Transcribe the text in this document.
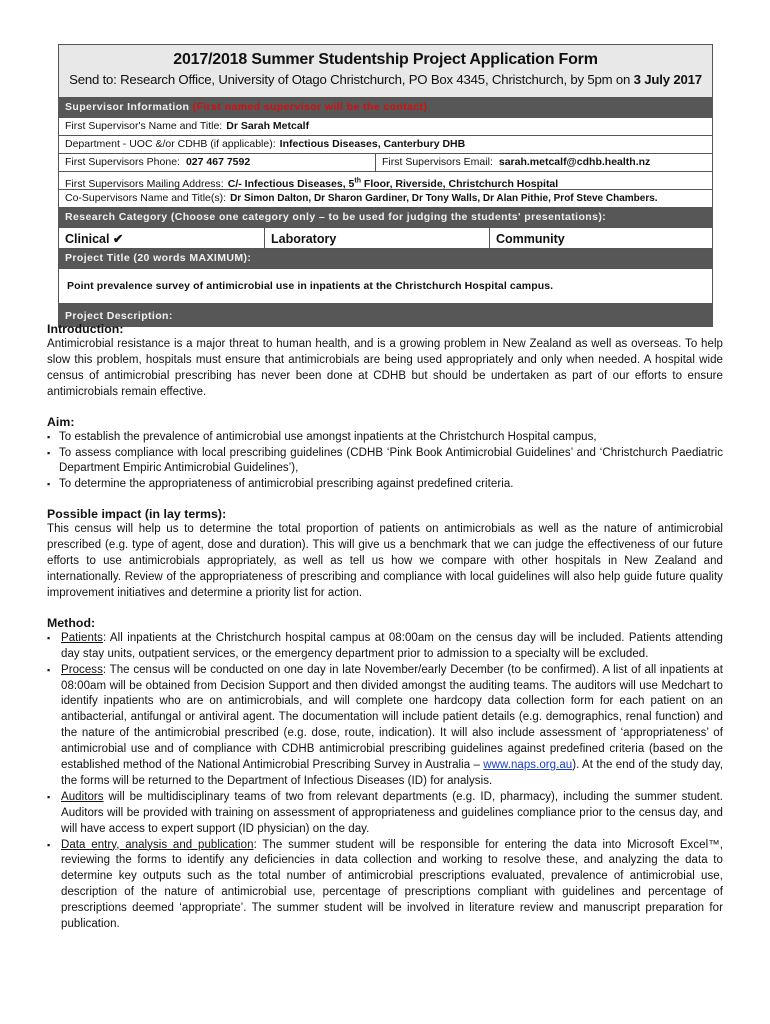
2017/2018 Summer Studentship Project Application Form
Send to: Research Office, University of Otago Christchurch, PO Box 4345, Christchurch, by 5pm on 3 July 2017
Supervisor Information (First named supervisor will be the contact)
First Supervisor's Name and Title: Dr Sarah Metcalf
Department - UOC &/or CDHB (if applicable): Infectious Diseases, Canterbury DHB
First Supervisors Phone: 027 467 7592	First Supervisors Email: sarah.metcalf@cdhb.health.nz
First Supervisors Mailing Address: C/- Infectious Diseases, 5th Floor, Riverside, Christchurch Hospital
Co-Supervisors Name and Title(s): Dr Simon Dalton, Dr Sharon Gardiner, Dr Tony Walls, Dr Alan Pithie, Prof Steve Chambers.
Research Category (Choose one category only – to be used for judging the students' presentations):
Clinical ✔	Laboratory	Community
Project Title (20 words MAXIMUM):
Point prevalence survey of antimicrobial use in inpatients at the Christchurch Hospital campus.
Project Description:
Introduction:

Antimicrobial resistance is a major threat to human health, and is a growing problem in New Zealand as well as overseas. To help slow this problem, hospitals must ensure that antimicrobials are being used appropriately and only when needed. A hospital wide census of antimicrobial prescribing has never been done at CDHB but should be undertaken as part of our efforts to ensure antimicrobials remain effective.

Aim:
▪ To establish the prevalence of antimicrobial use amongst inpatients at the Christchurch Hospital campus,
▪ To assess compliance with local prescribing guidelines (CDHB ‘Pink Book Antimicrobial Guidelines’ and ‘Christchurch Paediatric Department Empiric Antimicrobial Guidelines’),
▪ To determine the appropriateness of antimicrobial prescribing against predefined criteria.
Possible impact (in lay terms):

This census will help us to determine the total proportion of patients on antimicrobials as well as the nature of antimicrobial prescribed (e.g. type of agent, dose and duration). This will give us a benchmark that we can judge the effectiveness of our future efforts to use antimicrobials appropriately, as well as tell us how we compare with other hospitals in New Zealand and internationally. Review of the appropriateness of prescribing and compliance with local guidelines will also help guide future quality improvement initiatives and determine a priority list for action.

Method:
▪ Patients: All inpatients at the Christchurch hospital campus at 08:00am on the census day will be included. Patients attending day stay units, outpatient services, or the emergency department prior to admission to a specialty will be excluded.
▪ Process: The census will be conducted on one day in late November/early December (to be confirmed). A list of all inpatients at 08:00am will be obtained from Decision Support and then divided amongst the auditing teams. The auditors will use Medchart to identify inpatients who are on antimicrobials, and will complete one hardcopy data collection form for each patient on an antibacterial, antifungal or antiviral agent. The documentation will include patient details (e.g. demographics, renal function) and the nature of the antimicrobial prescribed (e.g. dose, route, indication). It will also include assessment of ‘appropriateness’ of antimicrobial use and of compliance with CDHB antimicrobial prescribing guidelines against predefined criteria (based on the established method of the National Antimicrobial Prescribing Survey in Australia – www.naps.org.au). At the end of the study day, the forms will be returned to the Department of Infectious Diseases (ID) for analysis.
▪ Auditors will be multidisciplinary teams of two from relevant departments (e.g. ID, pharmacy), including the summer student. Auditors will be provided with training on assessment of appropriateness and guidelines compliance prior to the census day, and will have access to expert support (ID physician) on the day.
▪ Data entry, analysis and publication: The summer student will be responsible for entering the data into Microsoft Excel™, reviewing the forms to identify any deficiencies in data collection and working to resolve these, and analyzing the data to determine key outputs such as the total number of antimicrobial prescriptions evaluated, prevalence of antimicrobial use, description of the nature of antimicrobial use, percentage of prescriptions compliant with guidelines and percentage of prescriptions deemed ‘appropriate’. The summer student will be involved in literature review and manuscript preparation for publication.
